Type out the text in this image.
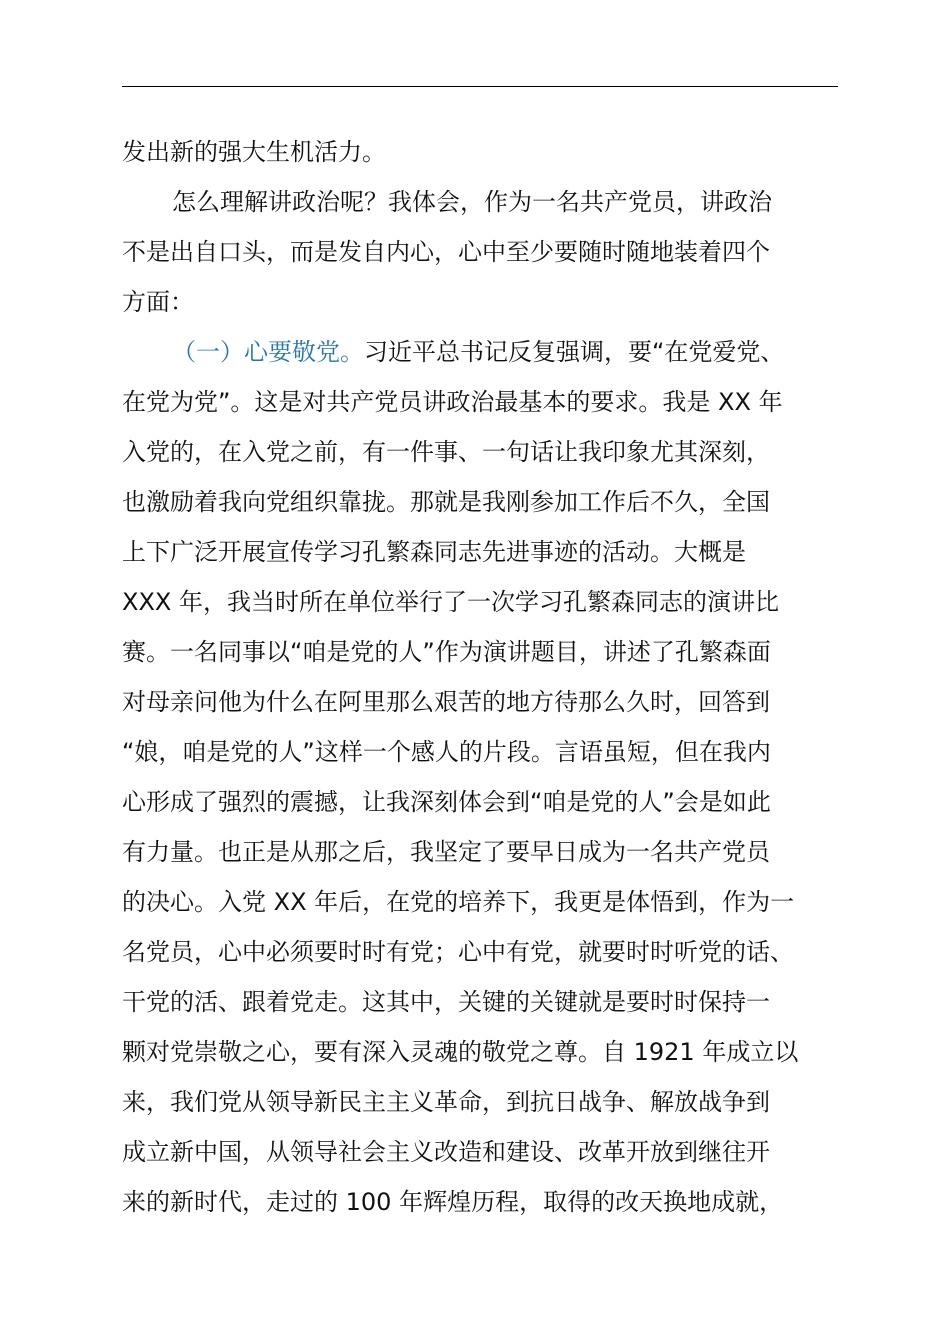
发出新的强大生机活力。
怎么理解讲政治呢？我体会，作为一名共产党员，讲政治
不是出自口头，而是发自内心，心中至少要随时随地装着四个
方面：
（一）心要敬党。习近平总书记反复强调，要“在党爱党、
在党为党”。这是对共产党员讲政治最基本的要求。我是 XX 年
入党的，在入党之前，有一件事、一句话让我印象尤其深刻，
也激励着我向党组织靠拢。那就是我刚参加工作后不久，全国
上下广泛开展宣传学习孔繁森同志先进事迹的活动。大概是
XXX 年，我当时所在单位举行了一次学习孔繁森同志的演讲比
赛。一名同事以“咱是党的人”作为演讲题目，讲述了孔繁森面
对母亲问他为什么在阿里那么艰苦的地方待那么久时，回答到
“娘，咱是党的人”这样一个感人的片段。言语虽短，但在我内
心形成了强烈的震撼，让我深刻体会到“咱是党的人”会是如此
有力量。也正是从那之后，我坚定了要早日成为一名共产党员
的决心。入党 XX 年后，在党的培养下，我更是体悟到，作为一
名党员，心中必须要时时有党；心中有党，就要时时听党的话、
干党的活、跟着党走。这其中，关键的关键就是要时时保持一
颗对党崇敬之心，要有深入灵魂的敬党之尊。自 1921 年成立以
来，我们党从领导新民主主义革命，到抗日战争、解放战争到
成立新中国，从领导社会主义改造和建设、改革开放到继往开
来的新时代，走过的 100 年辉煌历程，取得的改天换地成就，
